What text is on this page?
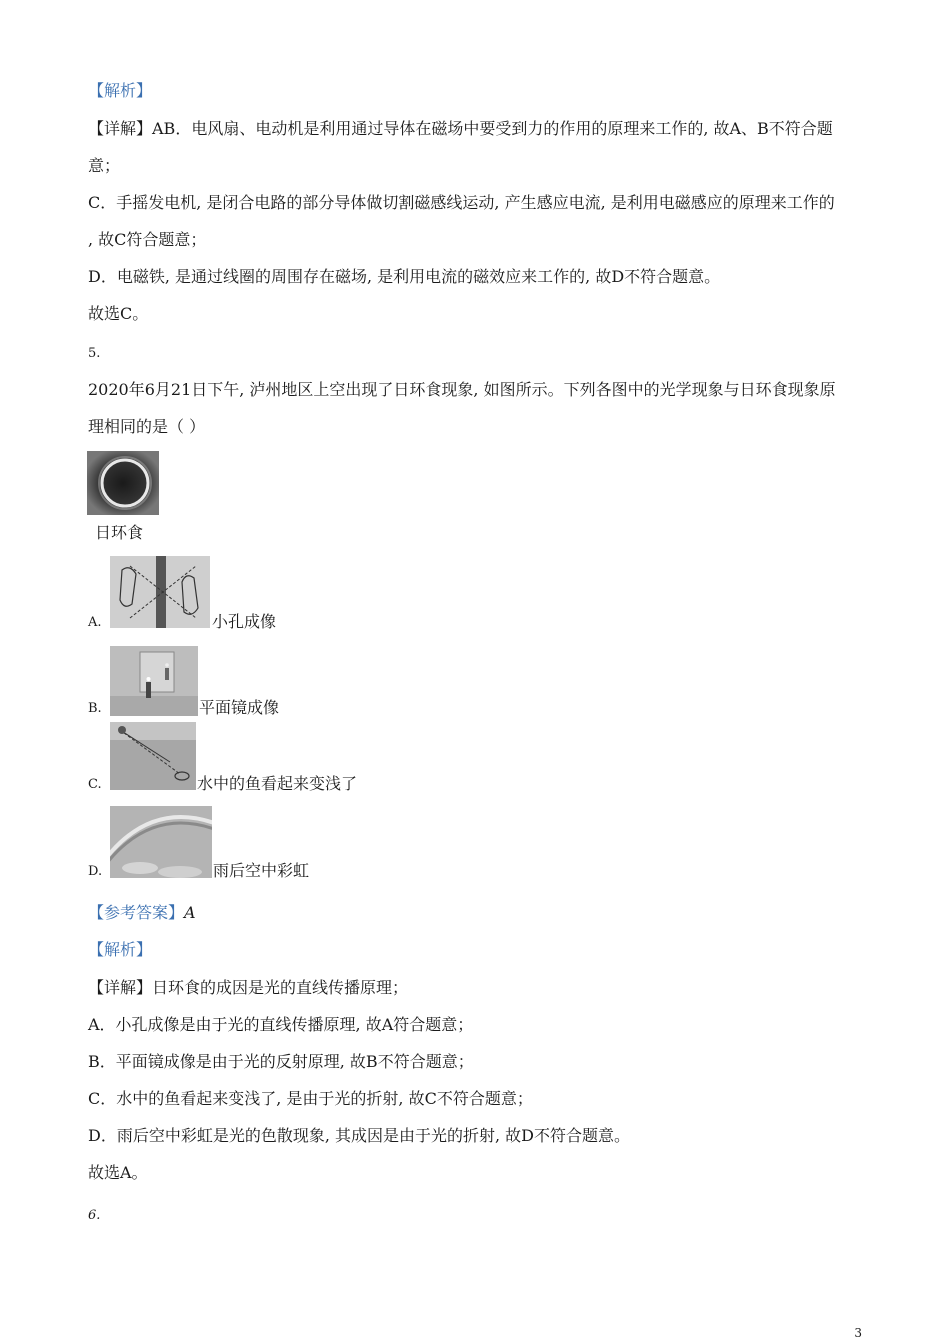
【解析】
【详解】AB．电风扇、电动机是利用通过导体在磁场中要受到力的作用的原理来工作的, 故A、B不符合题
意；
C．手摇发电机, 是闭合电路的部分导体做切割磁感线运动, 产生感应电流, 是利用电磁感应的原理来工作的
, 故C符合题意；
D．电磁铁, 是通过线圈的周围存在磁场, 是利用电流的磁效应来工作的, 故D不符合题意。
故选C。
5.
2020年6月21日下午, 泸州地区上空出现了日环食现象, 如图所示。下列各图中的光学现象与日环食现象原
理相同的是（ ）
日环食
A.	小孔成像
B.	平面镜成像
C.	水中的鱼看起来变浅了
D.	雨后空中彩虹
【参考答案】A
【解析】
【详解】日环食的成因是光的直线传播原理；
A．小孔成像是由于光的直线传播原理, 故A符合题意；
B．平面镜成像是由于光的反射原理, 故B不符合题意；
C．水中的鱼看起来变浅了, 是由于光的折射, 故C不符合题意；
D．雨后空中彩虹是光的色散现象, 其成因是由于光的折射, 故D不符合题意。
故选A。
6.
3
